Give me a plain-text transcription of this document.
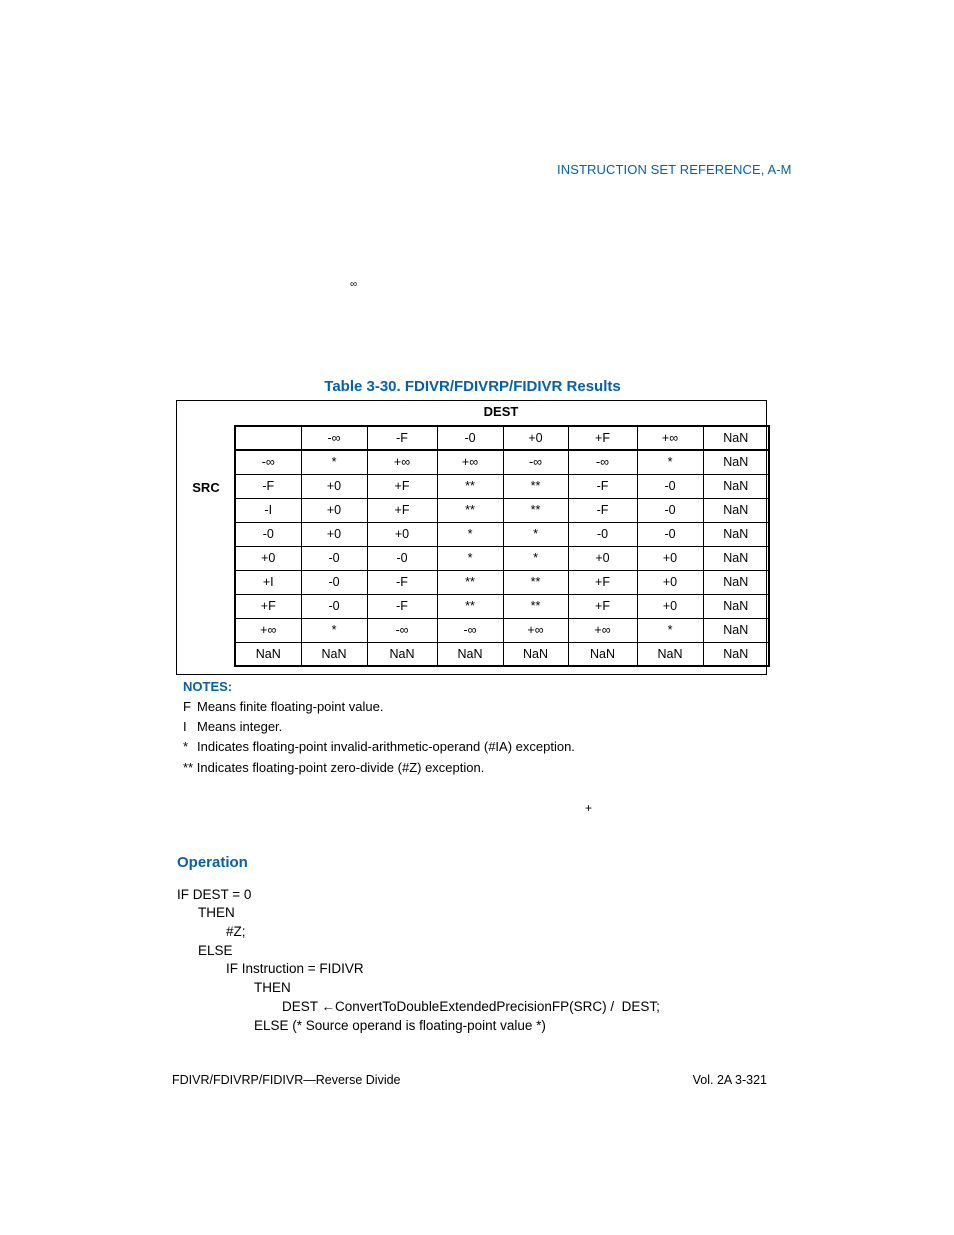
INSTRUCTION SET REFERENCE, A-M
∞
Table 3-30. FDIVR/FDIVRP/FIDIVR Results
DEST
SRC
	-∞	-F	-0	+0	+F	+∞	NaN
-∞	*	+∞	+∞	-∞	-∞	*	NaN
-F	+0	+F	**	**	-F	-0	NaN
-I	+0	+F	**	**	-F	-0	NaN
-0	+0	+0	*	*	-0	-0	NaN
+0	-0	-0	*	*	+0	+0	NaN
+I	-0	-F	**	**	+F	+0	NaN
+F	-0	-F	**	**	+F	+0	NaN
+∞	*	-∞	-∞	+∞	+∞	*	NaN
NaN	NaN	NaN	NaN	NaN	NaN	NaN	NaN
NOTES:
F Means finite floating-point value.
I Means integer.
* Indicates floating-point invalid-arithmetic-operand (#IA) exception.
** Indicates floating-point zero-divide (#Z) exception.
+
Operation
IF DEST = 0
THEN
#Z;
ELSE
IF Instruction = FIDIVR
THEN
DEST ←ConvertToDoubleExtendedPrecisionFP(SRC) /  DEST;
ELSE (* Source operand is floating-point value *)
FDIVR/FDIVRP/FIDIVR—Reverse Divide	Vol. 2A 3-321
